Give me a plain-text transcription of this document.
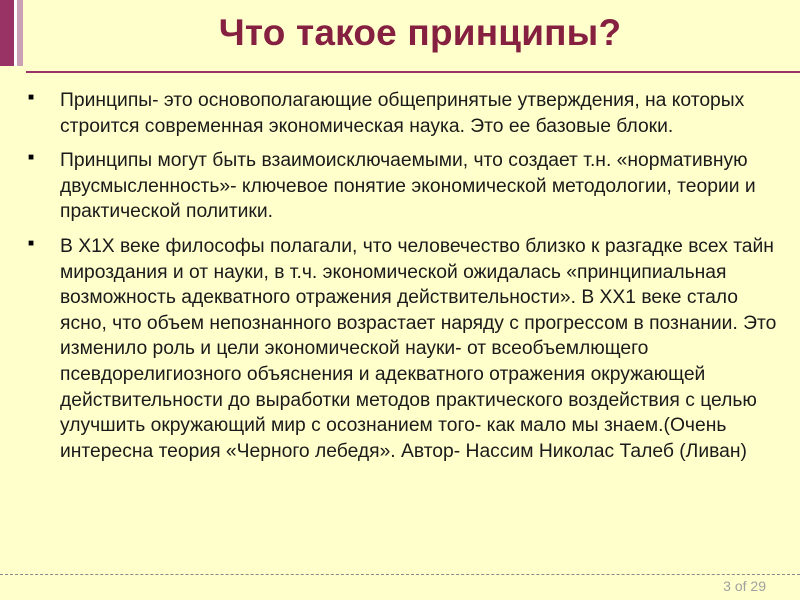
Что такое принципы?
■ Принципы- это основополагающие общепринятые утверждения, на которых строится современная экономическая наука. Это ее базовые блоки.
■ Принципы могут быть взаимоисключаемыми, что создает т.н. «нормативную двусмысленность»- ключевое понятие экономической методологии, теории и практической политики.
■ В Х1Х веке философы полагали, что человечество близко к разгадке всех тайн мироздания и от науки, в т.ч. экономической ожидалась «принципиальная возможность адекватного отражения действительности». В ХХ1 веке стало ясно, что объем непознанного возрастает наряду с прогрессом в познании. Это изменило роль и цели экономической науки- от всеобъемлющего псевдорелигиозного объяснения и адекватного отражения окружающей действительности до выработки методов практического воздействия с целью улучшить окружающий мир с осознанием того- как мало мы знаем.(Очень интересна теория «Черного лебедя». Автор- Нассим Николас Талеб (Ливан)
3 of 29
